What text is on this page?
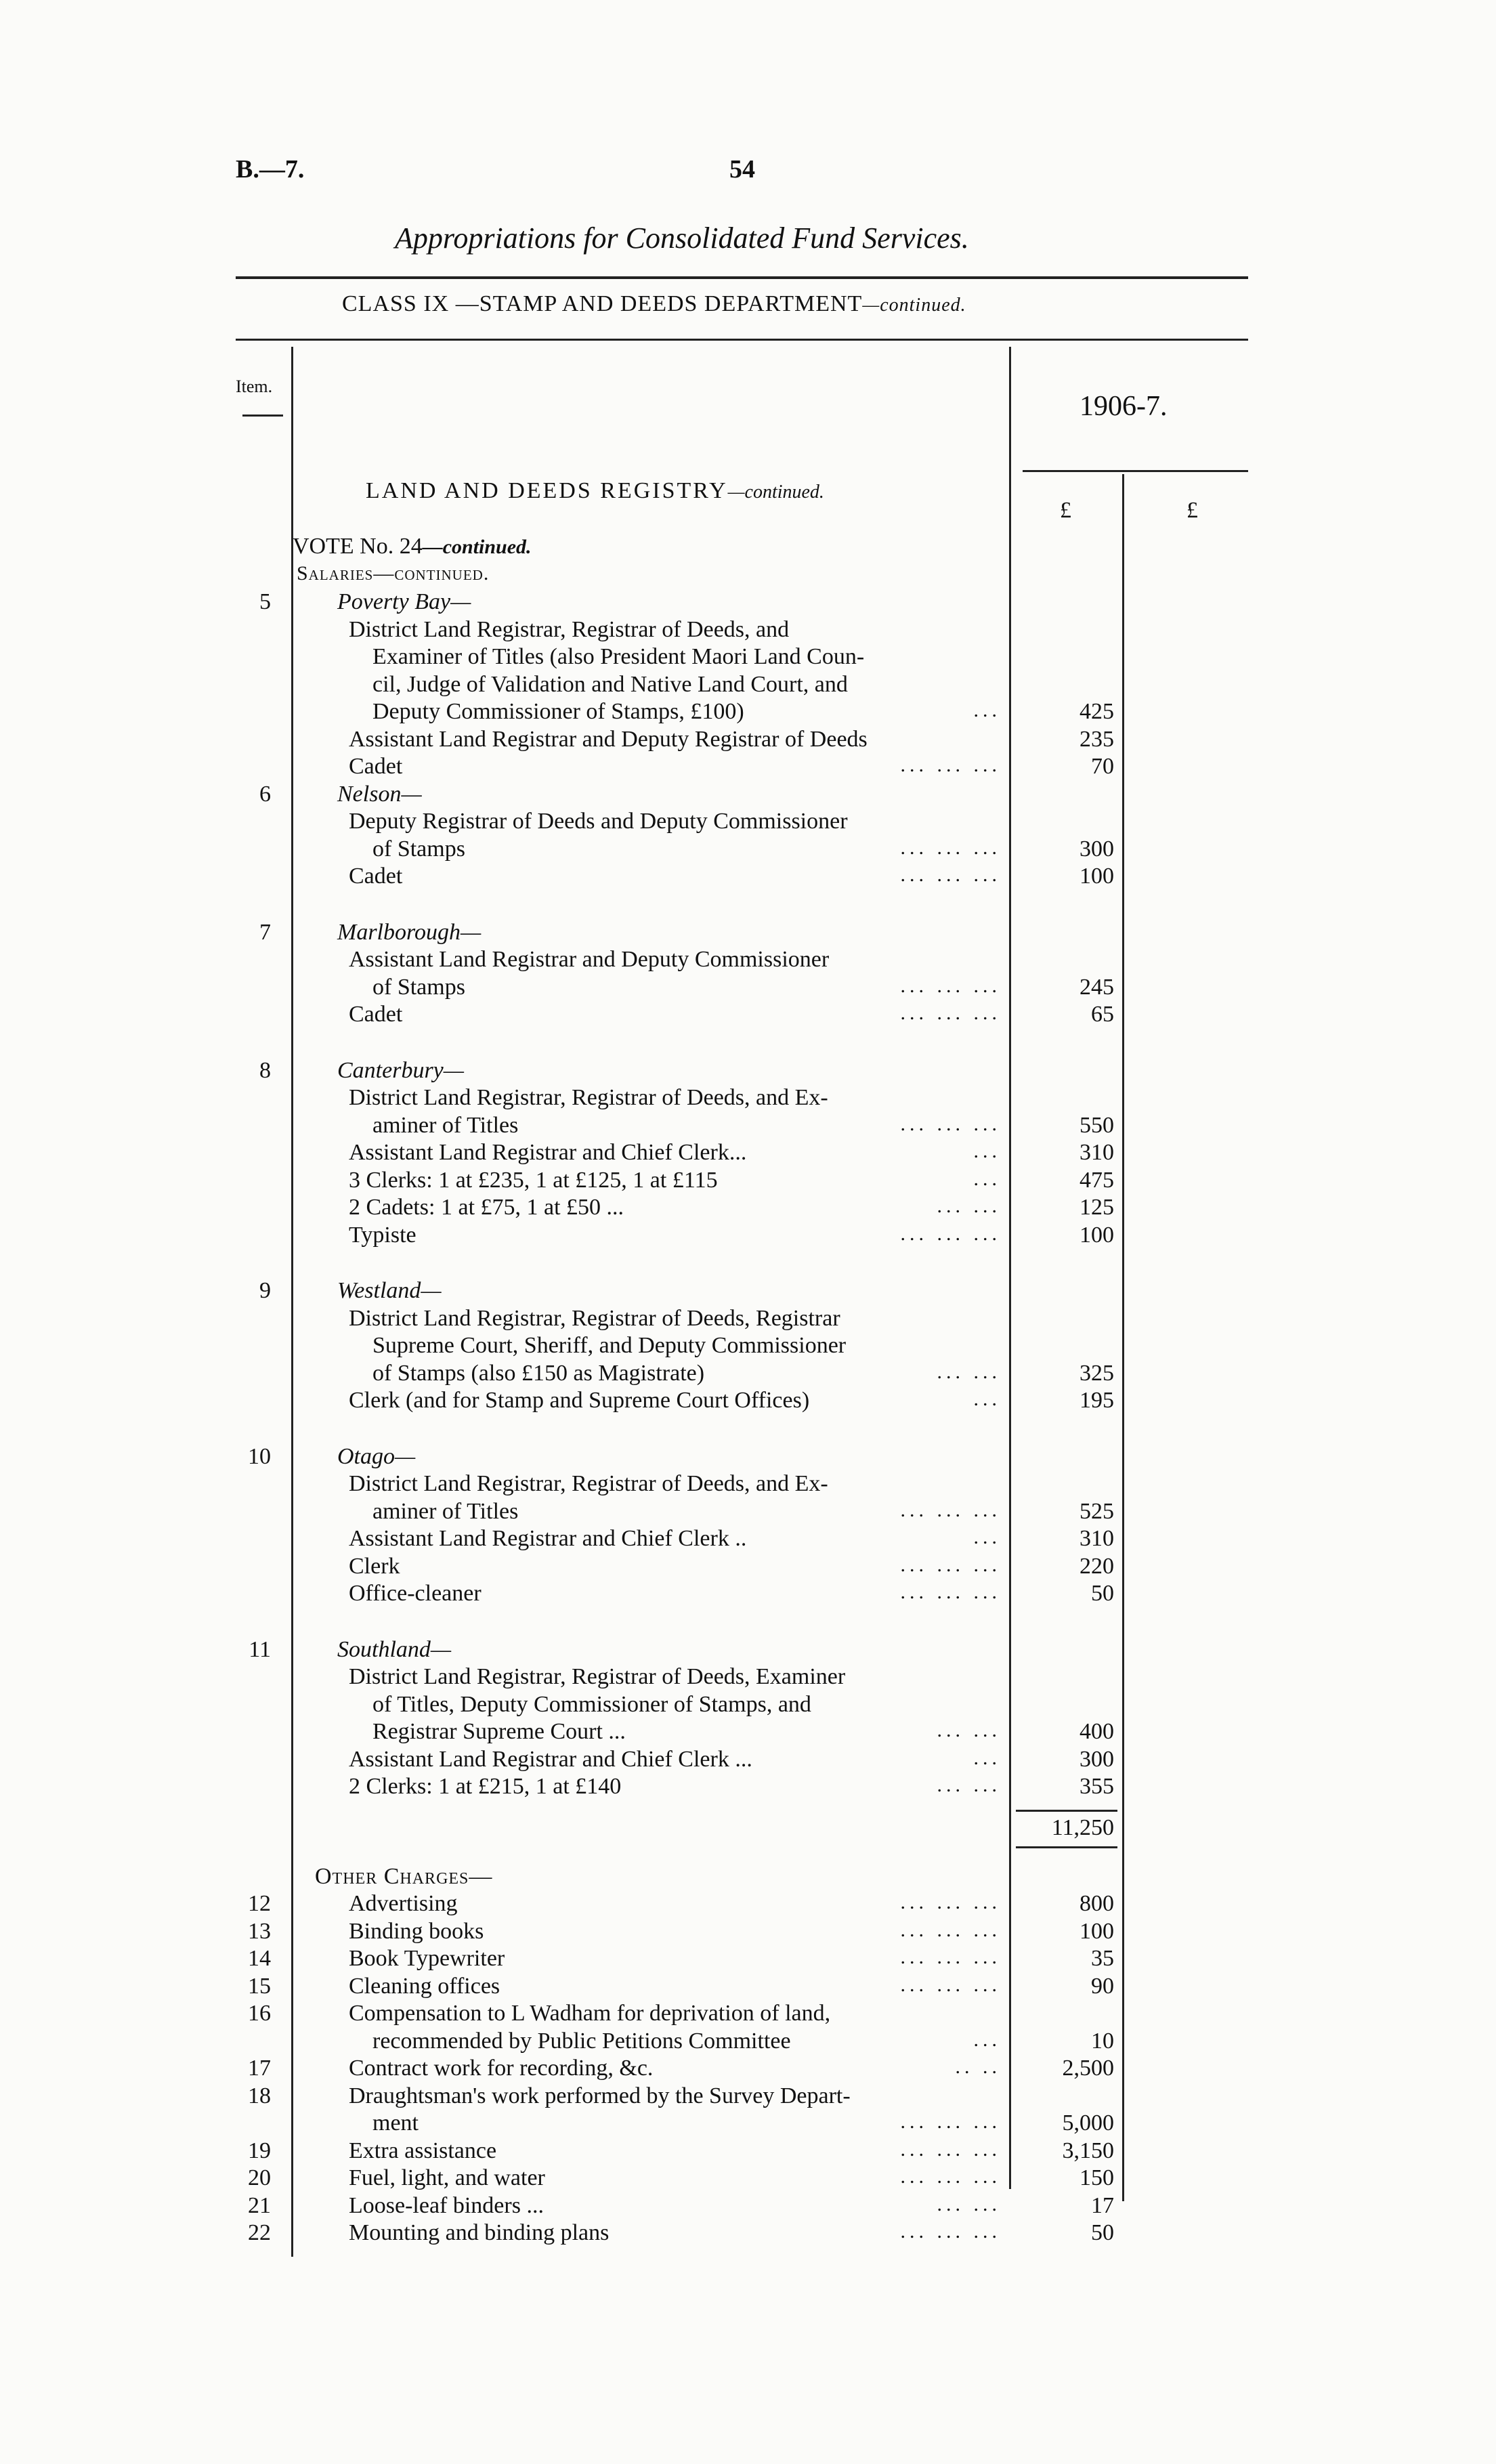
B.—7.	54
Appropriations for Consolidated Fund Services.
CLASS IX —STAMP AND DEEDS DEPARTMENT—continued.
Item.
1906-7.
£	£
LAND AND DEEDS REGISTRY—continued.
VOTE No. 24—continued.
Salaries—continued.
5	Poverty Bay—
District Land Registrar, Registrar of Deeds, and
Examiner of Titles (also President Maori Land Coun-
cil, Judge of Validation and Native Land Court, and
Deputy Commissioner of Stamps, £100)	...	425
Assistant Land Registrar and Deputy Registrar of Deeds	235
Cadet	... ... ...	70
6	Nelson—
Deputy Registrar of Deeds and Deputy Commissioner
of Stamps	... ... ...	300
Cadet	... ... ...	100
7	Marlborough—
Assistant Land Registrar and Deputy Commissioner
of Stamps	... ... ...	245
Cadet	... ... ...	65
8	Canterbury—
District Land Registrar, Registrar of Deeds, and Ex-
aminer of Titles	... ... ...	550
Assistant Land Registrar and Chief Clerk...	...	310
3 Clerks: 1 at £235, 1 at £125, 1 at £115	...	475
2 Cadets: 1 at £75, 1 at £50 ...	... ...	125
Typiste	... ... ...	100
9	Westland—
District Land Registrar, Registrar of Deeds, Registrar
Supreme Court, Sheriff, and Deputy Commissioner
of Stamps (also £150 as Magistrate)	... ...	325
Clerk (and for Stamp and Supreme Court Offices)	...	195
10	Otago—
District Land Registrar, Registrar of Deeds, and Ex-
aminer of Titles	... ... ...	525
Assistant Land Registrar and Chief Clerk ..	...	310
Clerk	... ... ...	220
Office-cleaner	... ... ...	50
11	Southland—
District Land Registrar, Registrar of Deeds, Examiner
of Titles, Deputy Commissioner of Stamps, and
Registrar Supreme Court ...	... ...	400
Assistant Land Registrar and Chief Clerk ...	...	300
2 Clerks: 1 at £215, 1 at £140	... ...	355
11,250
Other Charges—
12	Advertising	... ... ...	800
13	Binding books	... ... ...	100
14	Book Typewriter	... ... ...	35
15	Cleaning offices	... ... ...	90
16	Compensation to L Wadham for deprivation of land,
recommended by Public Petitions Committee	...	10
17	Contract work for recording, &c.	.. ..	2,500
18	Draughtsman's work performed by the Survey Depart-
ment	... ... ...	5,000
19	Extra assistance	... ... ...	3,150
20	Fuel, light, and water	... ... ...	150
21	Loose-leaf binders ...	... ...	17
22	Mounting and binding plans	... ... ...	50
